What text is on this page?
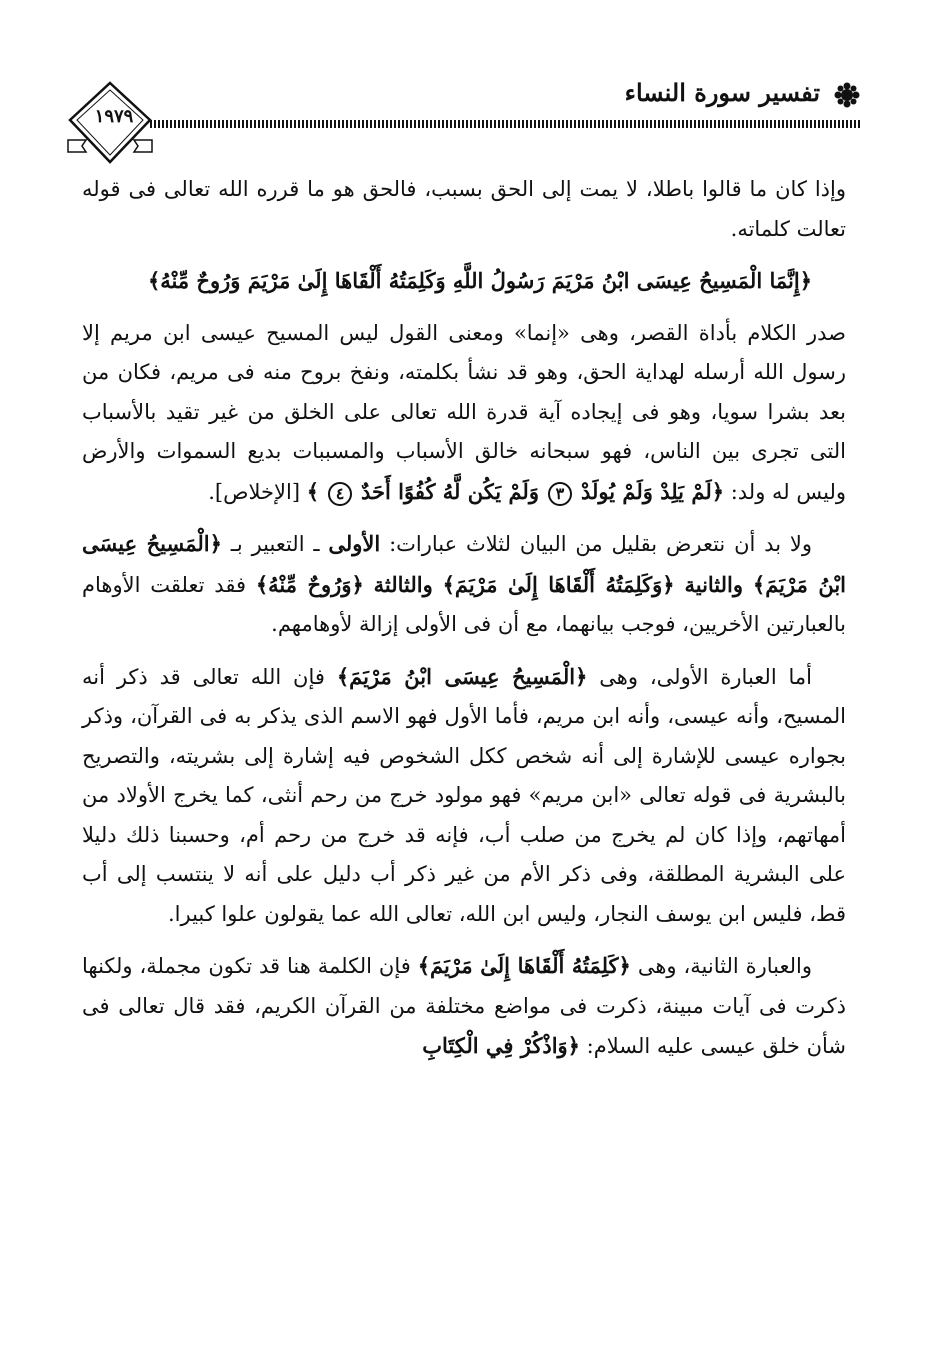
تفسير سورة النساء
١٩٧٩

وإذا كان ما قالوا باطلا، لا يمت إلى الحق بسبب، فالحق هو ما قرره الله تعالى فى قوله تعالت كلماته.

﴿إِنَّمَا الْمَسِيحُ عِيسَى ابْنُ مَرْيَمَ رَسُولُ اللَّهِ وَكَلِمَتُهُ أَلْقَاهَا إِلَىٰ مَرْيَمَ وَرُوحٌ مِّنْهُ﴾

صدر الكلام بأداة القصر، وهى «إنما» ومعنى القول ليس المسيح عيسى ابن مريم إلا رسول الله أرسله لهداية الحق، وهو قد نشأ بكلمته، ونفخ بروح منه فى مريم، فكان من بعد بشرا سويا، وهو فى إيجاده آية قدرة الله تعالى على الخلق من غير تقيد بالأسباب التى تجرى بين الناس، فهو سبحانه خالق الأسباب والمسببات بديع السموات والأرض وليس له ولد: ﴿لَمْ يَلِدْ وَلَمْ يُولَدْ ٣ وَلَمْ يَكُن لَّهُ كُفُوًا أَحَدٌ ٤ ﴾ [الإخلاص].

ولا بد أن نتعرض بقليل من البيان لثلاث عبارات: الأولى ـ التعبير بـ ﴿الْمَسِيحُ عِيسَى ابْنُ مَرْيَمَ﴾ والثانية ﴿وَكَلِمَتُهُ أَلْقَاهَا إِلَىٰ مَرْيَمَ﴾ والثالثة ﴿وَرُوحٌ مِّنْهُ﴾ فقد تعلقت الأوهام بالعبارتين الأخريين، فوجب بيانهما، مع أن فى الأولى إزالة لأوهامهم.

أما العبارة الأولى، وهى ﴿الْمَسِيحُ عِيسَى ابْنُ مَرْيَمَ﴾ فإن الله تعالى قد ذكر أنه المسيح، وأنه عيسى، وأنه ابن مريم، فأما الأول فهو الاسم الذى يذكر به فى القرآن، وذكر بجواره عيسى للإشارة إلى أنه شخص ككل الشخوص فيه إشارة إلى بشريته، والتصريح بالبشرية فى قوله تعالى «ابن مريم» فهو مولود خرج من رحم أنثى، كما يخرج الأولاد من أمهاتهم، وإذا كان لم يخرج من صلب أب، فإنه قد خرج من رحم أم، وحسبنا ذلك دليلا على البشرية المطلقة، وفى ذكر الأم من غير ذكر أب دليل على أنه لا ينتسب إلى أب قط، فليس ابن يوسف النجار، وليس ابن الله، تعالى الله عما يقولون علوا كبيرا.

والعبارة الثانية، وهى ﴿كَلِمَتُهُ أَلْقَاهَا إِلَىٰ مَرْيَمَ﴾ فإن الكلمة هنا قد تكون مجملة، ولكنها ذكرت فى آيات مبينة، ذكرت فى مواضع مختلفة من القرآن الكريم، فقد قال تعالى فى شأن خلق عيسى عليه السلام: ﴿وَاذْكُرْ فِي الْكِتَابِ
